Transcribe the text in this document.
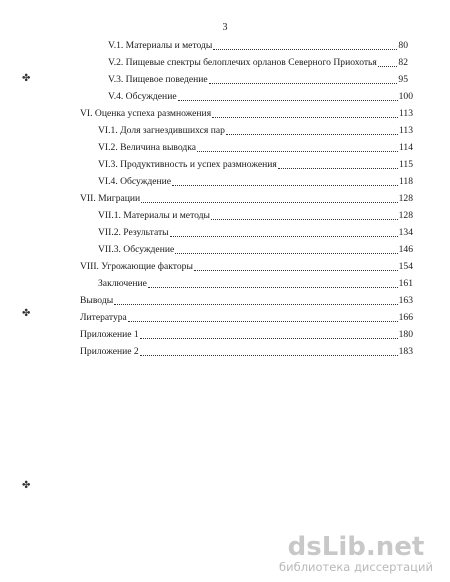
3
V.1. Материалы и методы	80
V.2. Пищевые спектры белоплечих орланов Северного Приохотья 82
V.3. Пищевое поведение	95
V.4. Обсуждение	100
VI. Оценка успеха размножения	113
VI.1. Доля загнездившихся пар	113
VI.2. Величина выводка	114
VI.3. Продуктивность и успех размножения	115
VI.4. Обсуждение	118
VII. Миграции	128
VII.1. Материалы и методы	128
VII.2. Результаты	134
VII.3. Обсуждение	146
VIII. Угрожающие факторы	154
Заключение	161
Выводы	163
Литература	166
Приложение 1	180
Приложение 2	183
✤
✤
✤
dsLib.net
библиотека диссертаций
